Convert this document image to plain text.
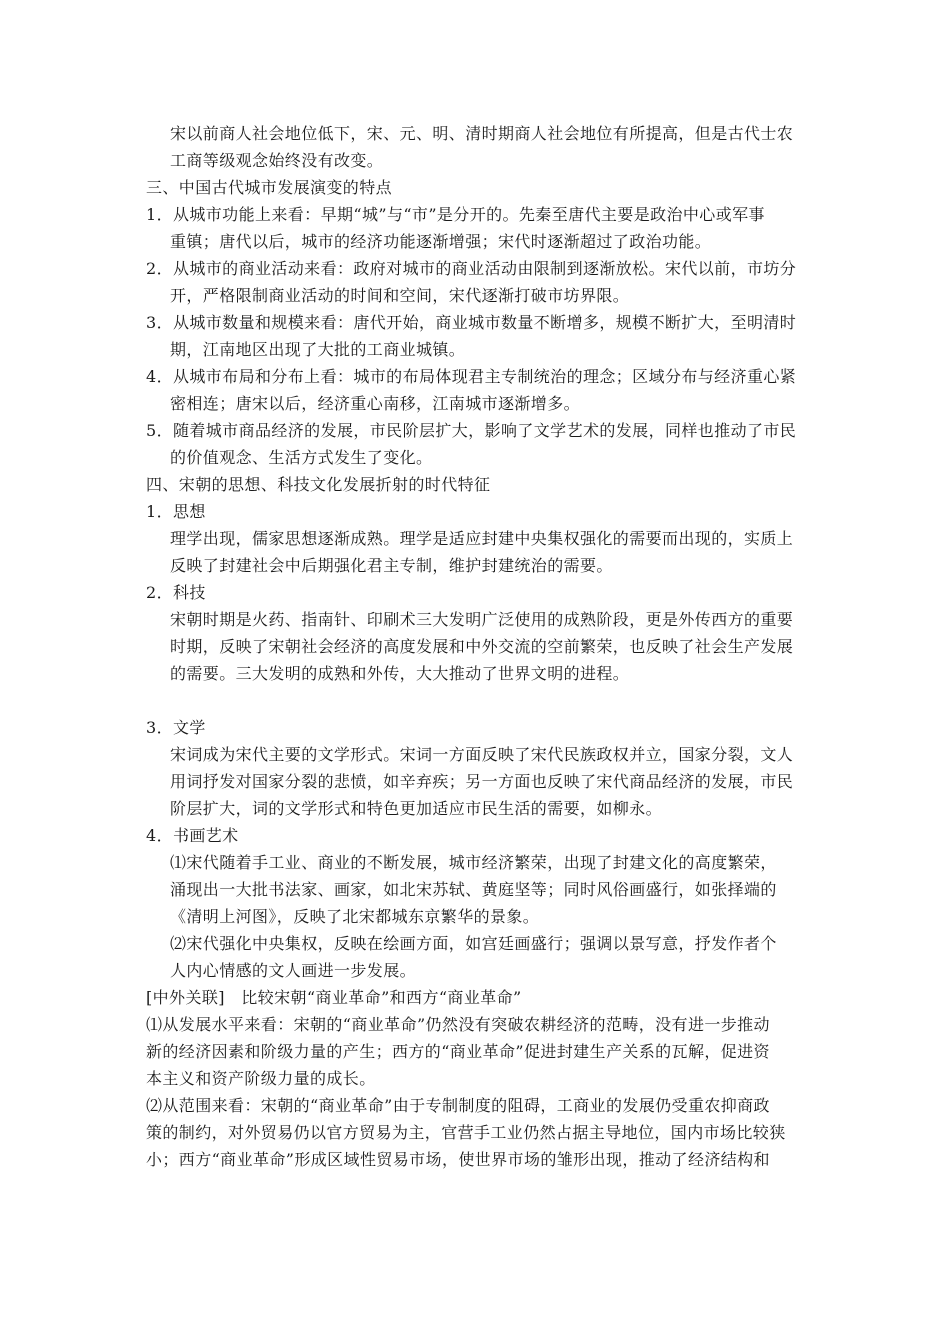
宋以前商人社会地位低下，宋、元、明、清时期商人社会地位有所提高，但是古代士农
工商等级观念始终没有改变。
三、中国古代城市发展演变的特点
1．从城市功能上来看：早期“城”与“市”是分开的。先秦至唐代主要是政治中心或军事
重镇；唐代以后，城市的经济功能逐渐增强；宋代时逐渐超过了政治功能。
2．从城市的商业活动来看：政府对城市的商业活动由限制到逐渐放松。宋代以前，市坊分
开，严格限制商业活动的时间和空间，宋代逐渐打破市坊界限。
3．从城市数量和规模来看：唐代开始，商业城市数量不断增多，规模不断扩大，至明清时
期，江南地区出现了大批的工商业城镇。
4．从城市布局和分布上看：城市的布局体现君主专制统治的理念；区域分布与经济重心紧
密相连；唐宋以后，经济重心南移，江南城市逐渐增多。
5．随着城市商品经济的发展，市民阶层扩大，影响了文学艺术的发展，同样也推动了市民
的价值观念、生活方式发生了变化。
四、宋朝的思想、科技文化发展折射的时代特征
1．思想
理学出现，儒家思想逐渐成熟。理学是适应封建中央集权强化的需要而出现的，实质上
反映了封建社会中后期强化君主专制，维护封建统治的需要。
2．科技
宋朝时期是火药、指南针、印刷术三大发明广泛使用的成熟阶段，更是外传西方的重要
时期，反映了宋朝社会经济的高度发展和中外交流的空前繁荣，也反映了社会生产发展
的需要。三大发明的成熟和外传，大大推动了世界文明的进程。
3．文学
宋词成为宋代主要的文学形式。宋词一方面反映了宋代民族政权并立，国家分裂，文人
用词抒发对国家分裂的悲愤，如辛弃疾；另一方面也反映了宋代商品经济的发展，市民
阶层扩大，词的文学形式和特色更加适应市民生活的需要，如柳永。
4．书画艺术
⑴宋代随着手工业、商业的不断发展，城市经济繁荣，出现了封建文化的高度繁荣，
涌现出一大批书法家、画家，如北宋苏轼、黄庭坚等；同时风俗画盛行，如张择端的
《清明上河图》，反映了北宋都城东京繁华的景象。
⑵宋代强化中央集权，反映在绘画方面，如宫廷画盛行；强调以景写意，抒发作者个
人内心情感的文人画进一步发展。
[中外关联]　比较宋朝“商业革命”和西方“商业革命”
⑴从发展水平来看：宋朝的“商业革命”仍然没有突破农耕经济的范畴，没有进一步推动
新的经济因素和阶级力量的产生；西方的“商业革命”促进封建生产关系的瓦解，促进资
本主义和资产阶级力量的成长。
⑵从范围来看：宋朝的“商业革命”由于专制制度的阻碍，工商业的发展仍受重农抑商政
策的制约，对外贸易仍以官方贸易为主，官营手工业仍然占据主导地位，国内市场比较狭
小；西方“商业革命”形成区域性贸易市场，使世界市场的雏形出现，推动了经济结构和
